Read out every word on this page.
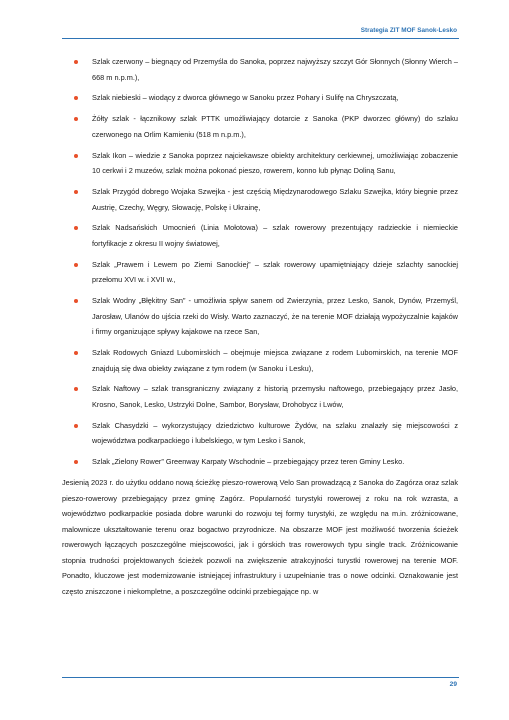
Strategia ZIT MOF Sanok-Lesko
Szlak czerwony – biegnący od Przemyśla do Sanoka, poprzez najwyższy szczyt Gór Słonnych (Słonny Wierch – 668 m n.p.m.),
Szlak niebieski – wiodący z dworca głównego w Sanoku przez Pohary i Sulifę na Chryszczatą,
Żółty szlak - łącznikowy szlak PTTK umożliwiający dotarcie z Sanoka (PKP dworzec główny) do szlaku czerwonego na Orlim Kamieniu (518 m n.p.m.),
Szlak Ikon – wiedzie z Sanoka poprzez najciekawsze obiekty architektury cerkiewnej, umożliwiając zobaczenie 10 cerkwi i 2 muzeów, szlak można pokonać pieszo, rowerem, konno lub płynąc Doliną Sanu,
Szlak Przygód dobrego Wojaka Szwejka - jest częścią Międzynarodowego Szlaku Szwejka, który biegnie przez Austrię, Czechy, Węgry, Słowację, Polskę i Ukrainę,
Szlak Nadsańskich Umocnień (Linia Mołotowa) – szlak rowerowy prezentujący radzieckie i niemieckie fortyfikacje z okresu II wojny światowej,
Szlak „Prawem i Lewem po Ziemi Sanockiej” – szlak rowerowy upamiętniający dzieje szlachty sanockiej przełomu XVI w. i XVII w.,
Szlak Wodny „Błękitny San” - umożliwia spływ sanem od Zwierzynia, przez Lesko, Sanok, Dynów, Przemyśl, Jarosław, Ulanów do ujścia rzeki do Wisły. Warto zaznaczyć, że na terenie MOF działają wypożyczalnie kajaków i firmy organizujące spływy kajakowe na rzece San,
Szlak Rodowych Gniazd Lubomirskich – obejmuje miejsca związane z rodem Lubomirskich, na terenie MOF znajdują się dwa obiekty związane z tym rodem (w Sanoku i Lesku),
Szlak Naftowy – szlak transgraniczny związany z historią przemysłu naftowego, przebiegający przez Jasło, Krosno, Sanok, Lesko, Ustrzyki Dolne, Sambor, Borysław, Drohobycz i Lwów,
Szlak Chasydzki – wykorzystujący dziedzictwo kulturowe Żydów, na szlaku znalazły się miejscowości z województwa podkarpackiego i lubelskiego, w tym Lesko i Sanok,
Szlak „Zielony Rower” Greenway Karpaty Wschodnie – przebiegający przez teren Gminy Lesko.

Jesienią 2023 r. do użytku oddano nową ścieżkę pieszo-rowerową Velo San prowadzącą z Sanoka do Zagórza oraz szlak pieszo-rowerowy przebiegający przez gminę Zagórz. Popularność turystyki rowerowej z roku na rok wzrasta, a województwo podkarpackie posiada dobre warunki do rozwoju tej formy turystyki, ze względu na m.in. zróżnicowane, malownicze ukształtowanie terenu oraz bogactwo przyrodnicze. Na obszarze MOF jest możliwość tworzenia ścieżek rowerowych łączących poszczególne miejscowości, jak i górskich tras rowerowych typu single track. Zróżnicowanie stopnia trudności projektowanych ścieżek pozwoli na zwiększenie atrakcyjności turystki rowerowej na terenie MOF. Ponadto, kluczowe jest modernizowanie istniejącej infrastruktury i uzupełnianie tras o nowe odcinki. Oznakowanie jest często zniszczone i niekompletne, a poszczególne odcinki przebiegające np. w

29
